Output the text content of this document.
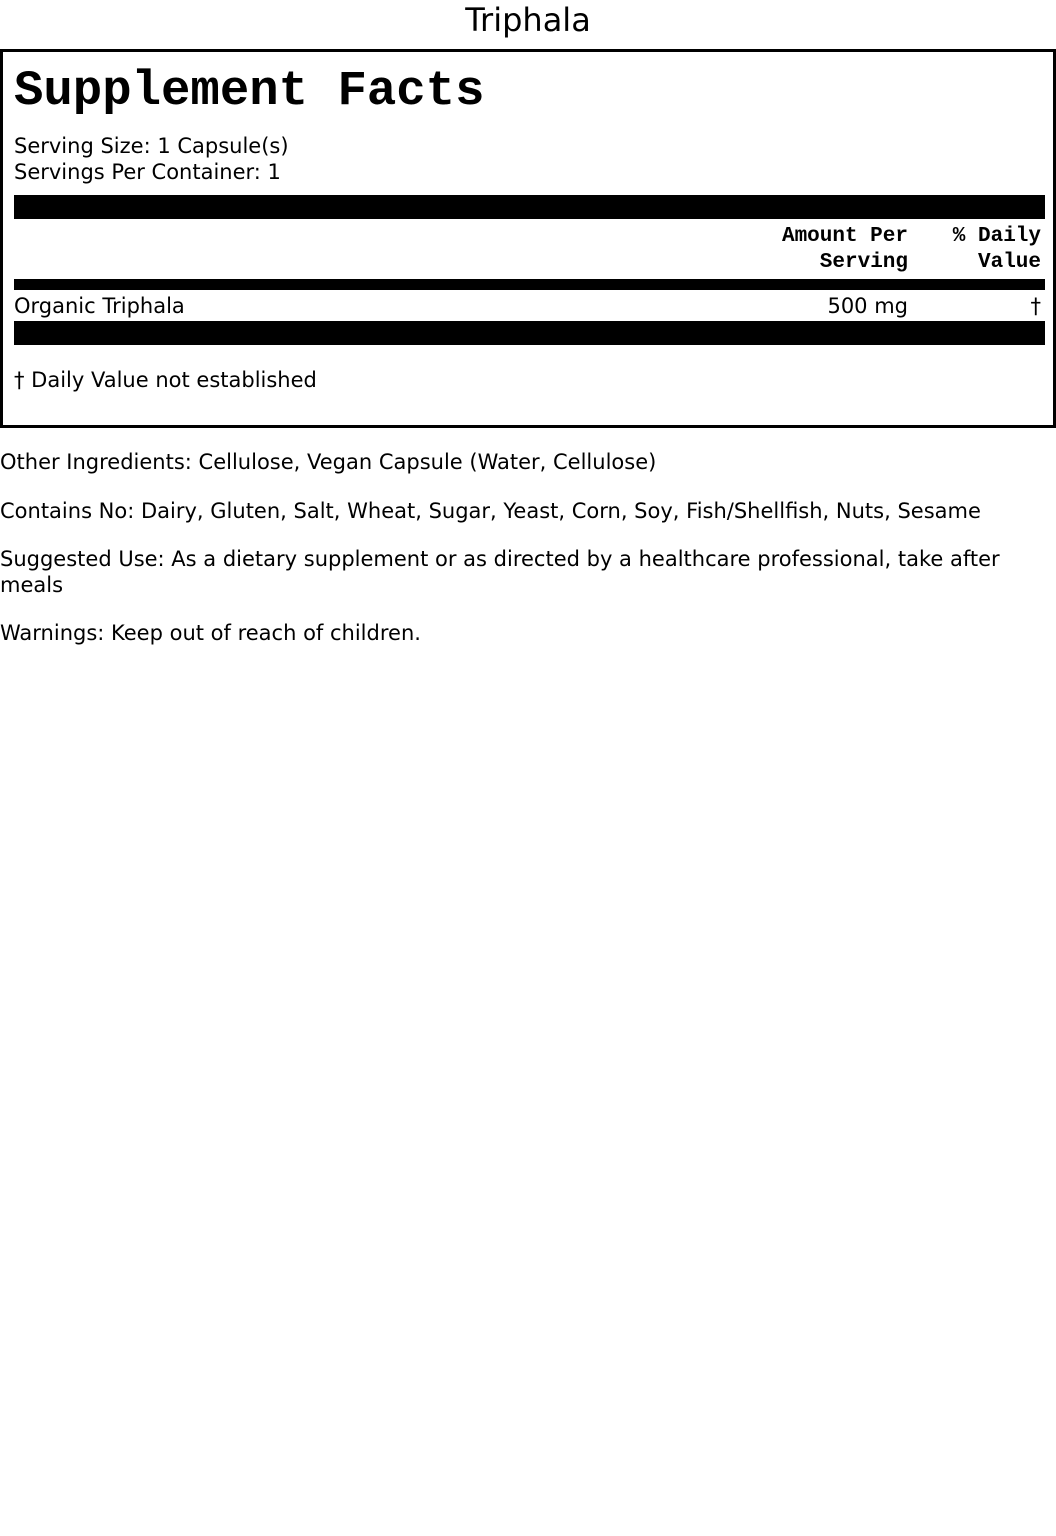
Triphala
Supplement Facts
Serving Size: 1 Capsule(s)
Servings Per Container: 1
Amount Per
Serving
% Daily
Value
Organic Triphala	500 mg	†
† Daily Value not established
Other Ingredients: Cellulose, Vegan Capsule (Water, Cellulose)
Contains No: Dairy, Gluten, Salt, Wheat, Sugar, Yeast, Corn, Soy, Fish/Shellfish, Nuts, Sesame
Suggested Use: As a dietary supplement or as directed by a healthcare professional, take after meals
Warnings: Keep out of reach of children.
